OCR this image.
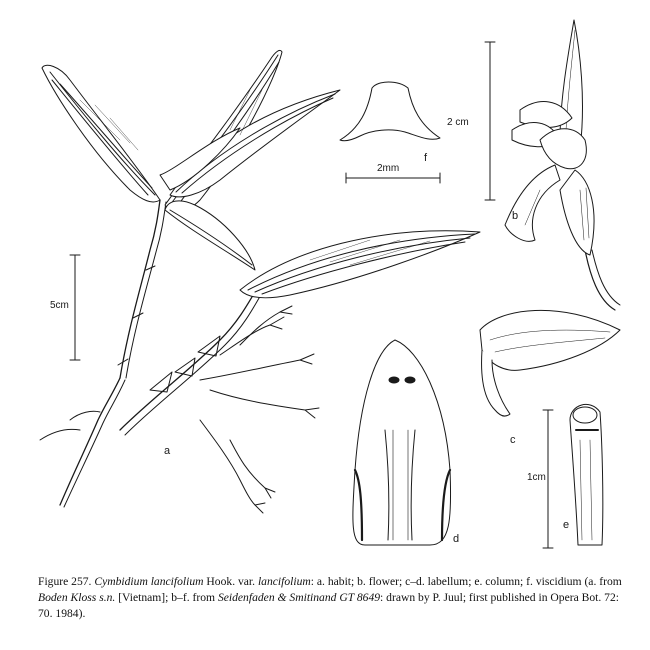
5cm
2 cm
2mm
1cm
a
b
c
d
e
f
Figure 257. Cymbidium lancifolium Hook. var. lancifolium: a. habit; b. flower; c–d. labellum; e. column; f. viscidium (a. from Boden Kloss s.n. [Vietnam]; b–f. from Seidenfaden & Smitinand GT 8649: drawn by P. Juul; first published in Opera Bot. 72: 70. 1984).
